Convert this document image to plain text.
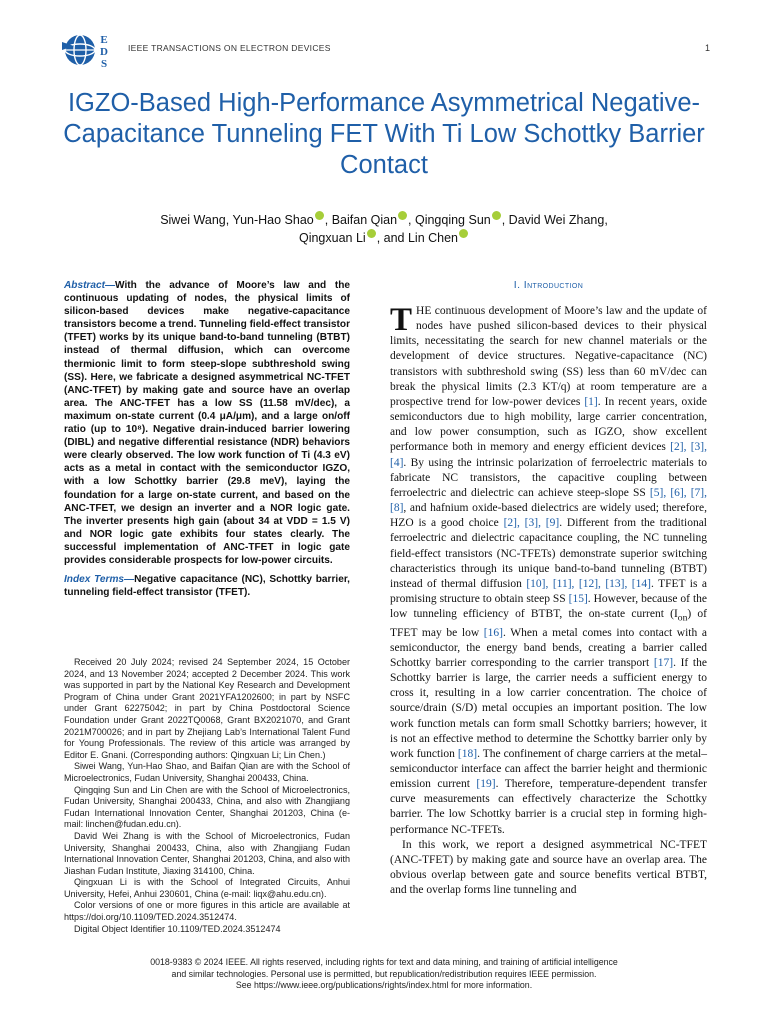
E
D
S
IEEE TRANSACTIONS ON ELECTRON DEVICES	1
IGZO-Based High-Performance Asymmetrical Negative-Capacitance Tunneling FET With Ti Low Schottky Barrier Contact
Siwei Wang, Yun-Hao Shao , Baifan Qian , Qingqing Sun , David Wei Zhang,
Qingxuan Li , and Lin Chen
Abstract—With the advance of Moore’s law and the continuous updating of nodes, the physical limits of silicon-based devices make negative-capacitance transistors become a trend. Tunneling field-effect transistor (TFET) works by its unique band-to-band tunneling (BTBT) instead of thermal diffusion, which can overcome thermionic limit to form steep-slope subthreshold swing (SS). Here, we fabricate a designed asymmetrical NC-TFET (ANC-TFET) by making gate and source have an overlap area. The ANC-TFET has a low SS (11.58 mV/dec), a maximum on-state current (0.4 μA/μm), and a large on/off ratio (up to 10⁸). Negative drain-induced barrier lowering (DIBL) and negative differential resistance (NDR) behaviors were clearly observed. The low work function of Ti (4.3 eV) acts as a metal in contact with the semiconductor IGZO, with a low Schottky barrier (29.8 meV), laying the foundation for a large on-state current, and based on the ANC-TFET, we design an inverter and a NOR logic gate. The inverter presents high gain (about 34 at VDD = 1.5 V) and NOR logic gate exhibits four states clearly. The successful implementation of ANC-TFET in logic gate provides considerable prospects for low-power circuits.
Index Terms—Negative capacitance (NC), Schottky barrier, tunneling field-effect transistor (TFET).

Received 20 July 2024; revised 24 September 2024, 15 October 2024, and 13 November 2024; accepted 2 December 2024. This work was supported in part by the National Key Research and Development Program of China under Grant 2021YFA1202600; in part by NSFC under Grant 62275042; in part by China Postdoctoral Science Foundation under Grant 2022TQ0068, Grant BX2021070, and Grant 2021M700026; and in part by Zhejiang Lab’s International Talent Fund for Young Professionals. The review of this article was arranged by Editor E. Gnani. (Corresponding authors: Qingxuan Li; Lin Chen.)

Siwei Wang, Yun-Hao Shao, and Baifan Qian are with the School of Microelectronics, Fudan University, Shanghai 200433, China.

Qingqing Sun and Lin Chen are with the School of Microelectronics, Fudan University, Shanghai 200433, China, and also with Zhangjiang Fudan International Innovation Center, Shanghai 201203, China (e-mail: linchen@fudan.edu.cn).

David Wei Zhang is with the School of Microelectronics, Fudan University, Shanghai 200433, China, also with Zhangjiang Fudan International Innovation Center, Shanghai 201203, China, and also with Jiashan Fudan Institute, Jiaxing 314100, China.

Qingxuan Li is with the School of Integrated Circuits, Anhui University, Hefei, Anhui 230601, China (e-mail: liqx@ahu.edu.cn).

Color versions of one or more figures in this article are available at https://doi.org/10.1109/TED.2024.3512474.

Digital Object Identifier 10.1109/TED.2024.3512474

I. Introduction

THE continuous development of Moore’s law and the update of nodes have pushed silicon-based devices to their physical limits, necessitating the search for new channel materials or the development of device structures. Negative-capacitance (NC) transistors with subthreshold swing (SS) less than 60 mV/dec can break the physical limits (2.3 KT/q) at room temperature are a prospective trend for low-power devices [1]. In recent years, oxide semiconductors due to high mobility, large carrier concentration, and low power consumption, such as IGZO, show excellent performance both in memory and energy efficient devices [2], [3], [4]. By using the intrinsic polarization of ferroelectric materials to fabricate NC transistors, the capacitive coupling between ferroelectric and dielectric can achieve steep-slope SS [5], [6], [7], [8], and hafnium oxide-based dielectrics are widely used; therefore, HZO is a good choice [2], [3], [9]. Different from the traditional ferroelectric and dielectric capacitance coupling, the NC tunneling field-effect transistors (NC-TFETs) demonstrate superior switching characteristics through its unique band-to-band tunneling (BTBT) instead of thermal diffusion [10], [11], [12], [13], [14]. TFET is a promising structure to obtain steep SS [15]. However, because of the low tunneling efficiency of BTBT, the on-state current $(I_{on})$ of TFET may be low [16]. When a metal comes into contact with a semiconductor, the energy band bends, creating a barrier called Schottky barrier corresponding to the carrier transport [17]. If the Schottky barrier is large, the carrier needs a sufficient energy to cross it, resulting in a low carrier concentration. The choice of source/drain (S/D) metal occupies an important position. The low work function metals can form small Schottky barriers; however, it is not an effective method to determine the Schottky barrier only by work function [18]. The confinement of charge carriers at the metal–semiconductor interface can affect the barrier height and thermionic emission current [19]. Therefore, temperature-dependent transfer curve measurements can effectively characterize the Schottky barrier. The low Schottky barrier is a crucial step in forming high-performance NC-TFETs.

In this work, we report a designed asymmetrical NC-TFET (ANC-TFET) by making gate and source have an overlap area. The obvious overlap between gate and source benefits vertical BTBT, and the overlap forms line tunneling and

0018-9383 © 2024 IEEE. All rights reserved, including rights for text and data mining, and training of artificial intelligence
and similar technologies. Personal use is permitted, but republication/redistribution requires IEEE permission.
See https://www.ieee.org/publications/rights/index.html for more information.
